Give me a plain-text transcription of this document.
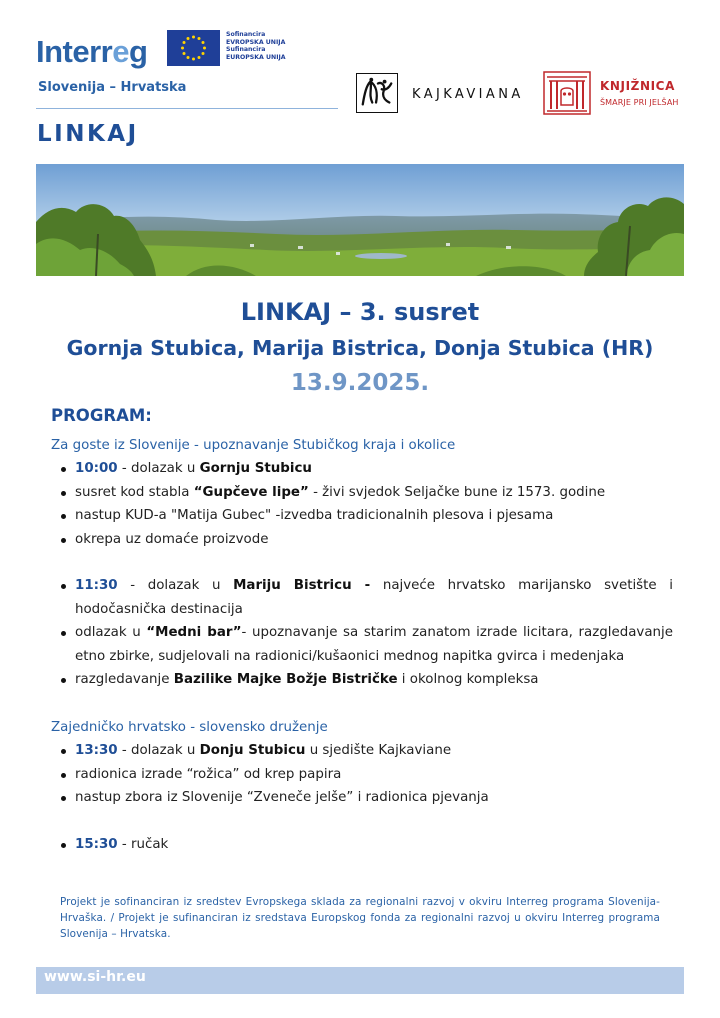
Interreg	Sofinancira
EVROPSKA UNIJA
Sufinancira
EUROPSKA UNIJA
Slovenija – Hrvatska
LINKAJ
KAJKAVIANA
KNJIŽNICA
ŠMARJE PRI JELŠAH
LINKAJ – 3. susret
Gornja Stubica, Marija Bistrica, Donja Stubica (HR)
13.9.2025.
PROGRAM:
Za goste iz Slovenije - upoznavanje Stubičkog kraja i okolice
10:00 - dolazak u Gornju Stubicu
susret kod stabla “Gupčeve lipe” - živi svjedok Seljačke bune iz 1573. godine
nastup KUD-a "Matija Gubec" -izvedba tradicionalnih plesova i pjesama
okrepa uz domaće proizvode
11:30 - dolazak u Mariju Bistricu - najveće hrvatsko marijansko svetište i hodočasnička destinacija
odlazak u “Medni bar”- upoznavanje sa starim zanatom izrade licitara, razgledavanje etno zbirke, sudjelovali na radionici/kušaonici mednog napitka gvirca i medenjaka
razgledavanje Bazilike Majke Božje Bistričke i okolnog kompleksa
Zajedničko hrvatsko - slovensko druženje
13:30 - dolazak u Donju Stubicu u sjedište Kajkaviane
radionica izrade “rožica” od krep papira
nastup zbora iz Slovenije “Zveneče jelše” i radionica pjevanja
15:30 - ručak
Projekt je sofinanciran iz sredstev Evropskega sklada za regionalni razvoj v okviru Interreg programa Slovenija-Hrvaška. / Projekt je sufinanciran iz sredstava Europskog fonda za regionalni razvoj u okviru Interreg programa Slovenija – Hrvatska.
www.si-hr.eu
